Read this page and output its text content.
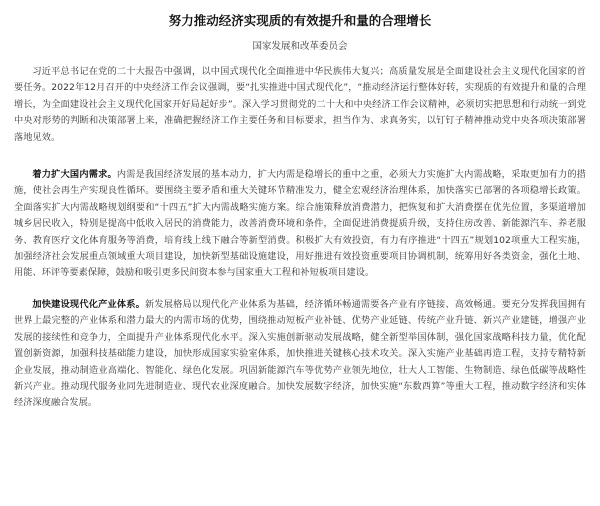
努力推动经济实现质的有效提升和量的合理增长
国家发展和改革委员会

习近平总书记在党的二十大报告中强调，以中国式现代化全面推进中华民族伟大复兴；高质量发展是全面建设社会主义现代化国家的首要任务。2022年12月召开的中央经济工作会议强调，要“扎实推进中国式现代化”，“推动经济运行整体好转，实现质的有效提升和量的合理增长，为全面建设社会主义现代化国家开好局起好步”。深入学习贯彻党的二十大和中央经济工作会议精神，必须切实把思想和行动统一到党中央对形势的判断和决策部署上来，准确把握经济工作主要任务和目标要求，担当作为、求真务实，以钉钉子精神推动党中央各项决策部署落地见效。

着力扩大国内需求。内需是我国经济发展的基本动力，扩大内需是稳增长的重中之重，必须大力实施扩大内需战略，采取更加有力的措施，使社会再生产实现良性循环。要围绕主要矛盾和重大关键环节精准发力，健全宏观经济治理体系，加快落实已部署的各项稳增长政策。全面落实扩大内需战略规划纲要和“十四五”扩大内需战略实施方案。综合施策释放消费潜力，把恢复和扩大消费摆在优先位置，多渠道增加城乡居民收入，特别是提高中低收入居民的消费能力，改善消费环境和条件，全面促进消费提质升级，支持住房改善、新能源汽车、养老服务、教育医疗文化体育服务等消费，培育线上线下融合等新型消费。积极扩大有效投资，有力有序推进“十四五”规划102项重大工程实施，加强经济社会发展重点领域重大项目建设，加快新型基础设施建设，用好推进有效投资重要项目协调机制，统筹用好各类资金，强化土地、用能、环评等要素保障，鼓励和吸引更多民间资本参与国家重大工程和补短板项目建设。

加快建设现代化产业体系。新发展格局以现代化产业体系为基础，经济循环畅通需要各产业有序链接、高效畅通。要充分发挥我国拥有世界上最完整的产业体系和潜力最大的内需市场的优势，围绕推动短板产业补链、优势产业延链、传统产业升链、新兴产业建链，增强产业发展的接续性和竞争力，全面提升产业体系现代化水平。深入实施创新驱动发展战略，健全新型举国体制，强化国家战略科技力量，优化配置创新资源，加强科技基础能力建设，加快形成国家实验室体系，加快推进关键核心技术攻关。深入实施产业基础再造工程，支持专精特新企业发展，推动制造业高端化、智能化、绿色化发展。巩固新能源汽车等优势产业领先地位，壮大人工智能、生物制造、绿色低碳等战略性新兴产业。推动现代服务业同先进制造业、现代农业深度融合。加快发展数字经济，加快实施“东数西算”等重大工程，推动数字经济和实体经济深度融合发展。
